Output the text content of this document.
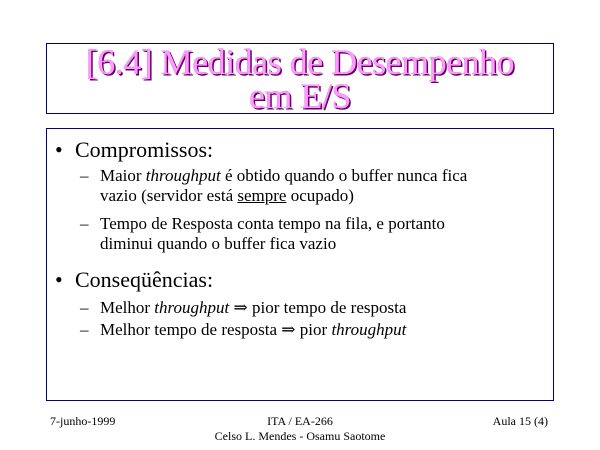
[6.4] Medidas de Desempenho
em E/S
• Compromissos:
– Maior throughput é obtido quando o buffer nunca fica
vazio (servidor está sempre ocupado)
– Tempo de Resposta conta tempo na fila, e portanto
diminui quando o buffer fica vazio
• Conseqüências:
– Melhor throughput ⇒ pior tempo de resposta
– Melhor tempo de resposta ⇒ pior throughput
7-junho-1999	ITA / EA-266
Celso L. Mendes - Osamu Saotome
Aula 15 (4)
